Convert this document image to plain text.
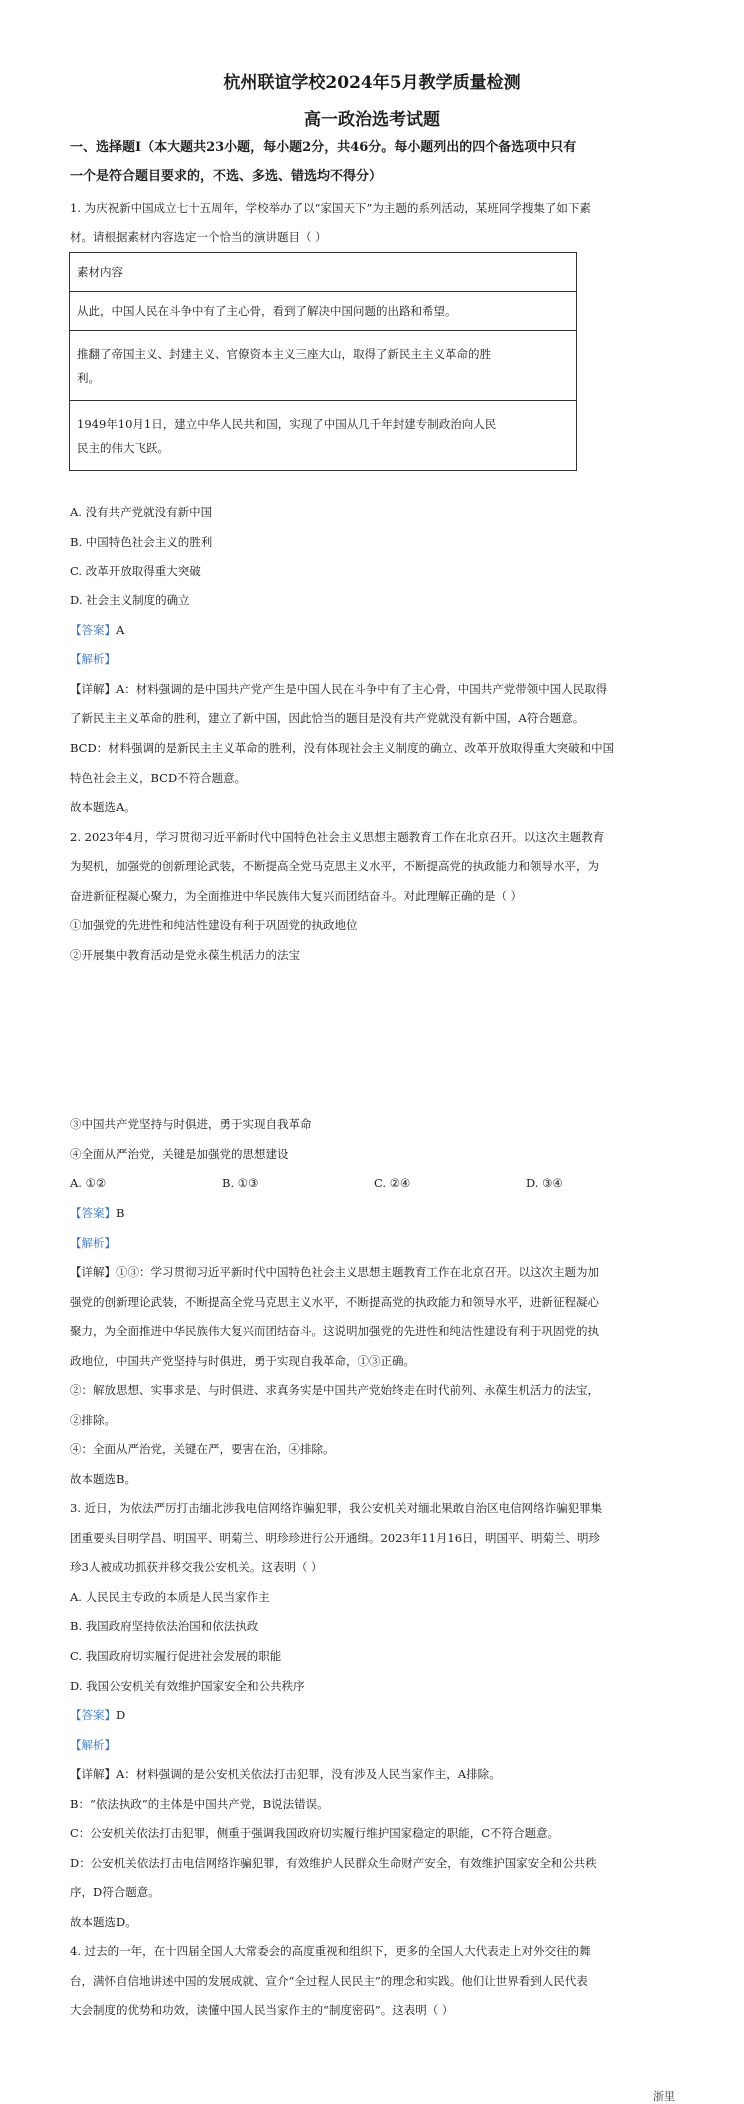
杭州联谊学校2024年5月教学质量检测
高一政治选考试题
一、选择题Ⅰ（本大题共23小题，每小题2分，共46分。每小题列出的四个备选项中只有
一个是符合题目要求的，不选、多选、错选均不得分）
1. 为庆祝新中国成立七十五周年，学校举办了以“家国天下”为主题的系列活动，某班同学搜集了如下素
材。请根据素材内容选定一个恰当的演讲题目（ ）
素材内容
从此，中国人民在斗争中有了主心骨，看到了解决中国问题的出路和希望。

推翻了帝国主义、封建主义、官僚资本主义三座大山，取得了新民主主义革命的胜
利。

1949年10月1日，建立中华人民共和国，实现了中国从几千年封建专制政治向人民
民主的伟大飞跃。
A. 没有共产党就没有新中国
B. 中国特色社会主义的胜利
C. 改革开放取得重大突破
D. 社会主义制度的确立
【答案】A
【解析】
【详解】A：材料强调的是中国共产党产生是中国人民在斗争中有了主心骨，中国共产党带领中国人民取得
了新民主主义革命的胜利，建立了新中国，因此恰当的题目是没有共产党就没有新中国，A符合题意。
BCD：材料强调的是新民主主义革命的胜利，没有体现社会主义制度的确立、改革开放取得重大突破和中国
特色社会主义，BCD不符合题意。
故本题选A。
2. 2023年4月，学习贯彻习近平新时代中国特色社会主义思想主题教育工作在北京召开。以这次主题教育
为契机，加强党的创新理论武装，不断提高全党马克思主义水平，不断提高党的执政能力和领导水平，为
奋进新征程凝心聚力，为全面推进中华民族伟大复兴而团结奋斗。对此理解正确的是（ ）
①加强党的先进性和纯洁性建设有利于巩固党的执政地位
②开展集中教育活动是党永葆生机活力的法宝
③中国共产党坚持与时俱进，勇于实现自我革命
④全面从严治党，关键是加强党的思想建设
A. ①②	B. ①③	C. ②④	D. ③④
【答案】B
【解析】
【详解】①③：学习贯彻习近平新时代中国特色社会主义思想主题教育工作在北京召开。以这次主题为加
强党的创新理论武装，不断提高全党马克思主义水平，不断提高党的执政能力和领导水平，进新征程凝心
聚力，为全面推进中华民族伟大复兴而团结奋斗。这说明加强党的先进性和纯洁性建设有利于巩固党的执
政地位，中国共产党坚持与时俱进，勇于实现自我革命，①③正确。
②：解放思想、实事求是、与时俱进、求真务实是中国共产党始终走在时代前列、永葆生机活力的法宝，
②排除。
④：全面从严治党，关键在严，要害在治，④排除。
故本题选B。
3. 近日，为依法严厉打击缅北涉我电信网络诈骗犯罪，我公安机关对缅北果敢自治区电信网络诈骗犯罪集
团重要头目明学昌、明国平、明菊兰、明珍珍进行公开通缉。2023年11月16日，明国平、明菊兰、明珍
珍3人被成功抓获并移交我公安机关。这表明（ ）
A. 人民民主专政的本质是人民当家作主
B. 我国政府坚持依法治国和依法执政
C. 我国政府切实履行促进社会发展的职能
D. 我国公安机关有效维护国家安全和公共秩序
【答案】D
【解析】
【详解】A：材料强调的是公安机关依法打击犯罪，没有涉及人民当家作主，A排除。
B：“依法执政”的主体是中国共产党，B说法错误。
C：公安机关依法打击犯罪，侧重于强调我国政府切实履行维护国家稳定的职能，C不符合题意。
D：公安机关依法打击电信网络诈骗犯罪，有效维护人民群众生命财产安全，有效维护国家安全和公共秩
序，D符合题意。
故本题选D。
4. 过去的一年，在十四届全国人大常委会的高度重视和组织下，更多的全国人大代表走上对外交往的舞
台，满怀自信地讲述中国的发展成就、宣介“全过程人民民主”的理念和实践。他们让世界看到人民代表
大会制度的优势和功效，读懂中国人民当家作主的“制度密码”。这表明（ ）
浙里
